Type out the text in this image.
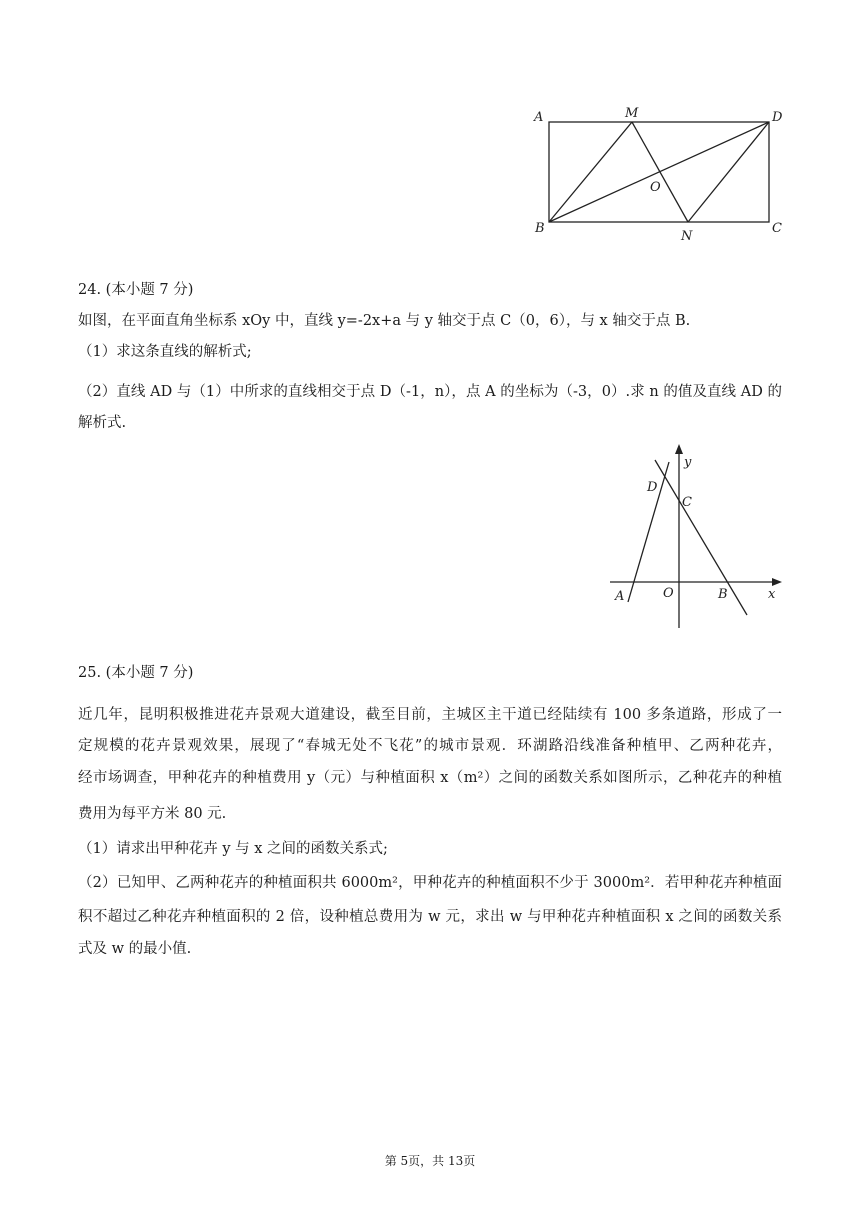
A	M	D
O
B
N
C
24. (本小题 7 分)
如图，在平面直角坐标系 xOy 中，直线 y=-2x+a 与 y 轴交于点 C（0，6），与 x 轴交于点 B.
（1）求这条直线的解析式;
（2）直线 AD 与（1）中所求的直线相交于点 D（-1，n），点 A 的坐标为（-3，0）.求 n 的值及直线 AD 的
解析式.
y
x
D
C
A	O	B
25. (本小题 7 分)
近几年，昆明积极推进花卉景观大道建设，截至目前，主城区主干道已经陆续有 100 多条道路，形成了一
定规模的花卉景观效果，展现了“春城无处不飞花”的城市景观．环湖路沿线准备种植甲、乙两种花卉，
经市场调查，甲种花卉的种植费用 y（元）与种植面积 x（m²）之间的函数关系如图所示，乙种花卉的种植
费用为每平方米 80 元.
（1）请求出甲种花卉 y 与 x 之间的函数关系式;
（2）已知甲、乙两种花卉的种植面积共 6000m²，甲种花卉的种植面积不少于 3000m²．若甲种花卉种植面
积不超过乙种花卉种植面积的 2 倍，设种植总费用为 w 元，求出 w 与甲种花卉种植面积 x 之间的函数关系
式及 w 的最小值.
第 5页，共 13页
